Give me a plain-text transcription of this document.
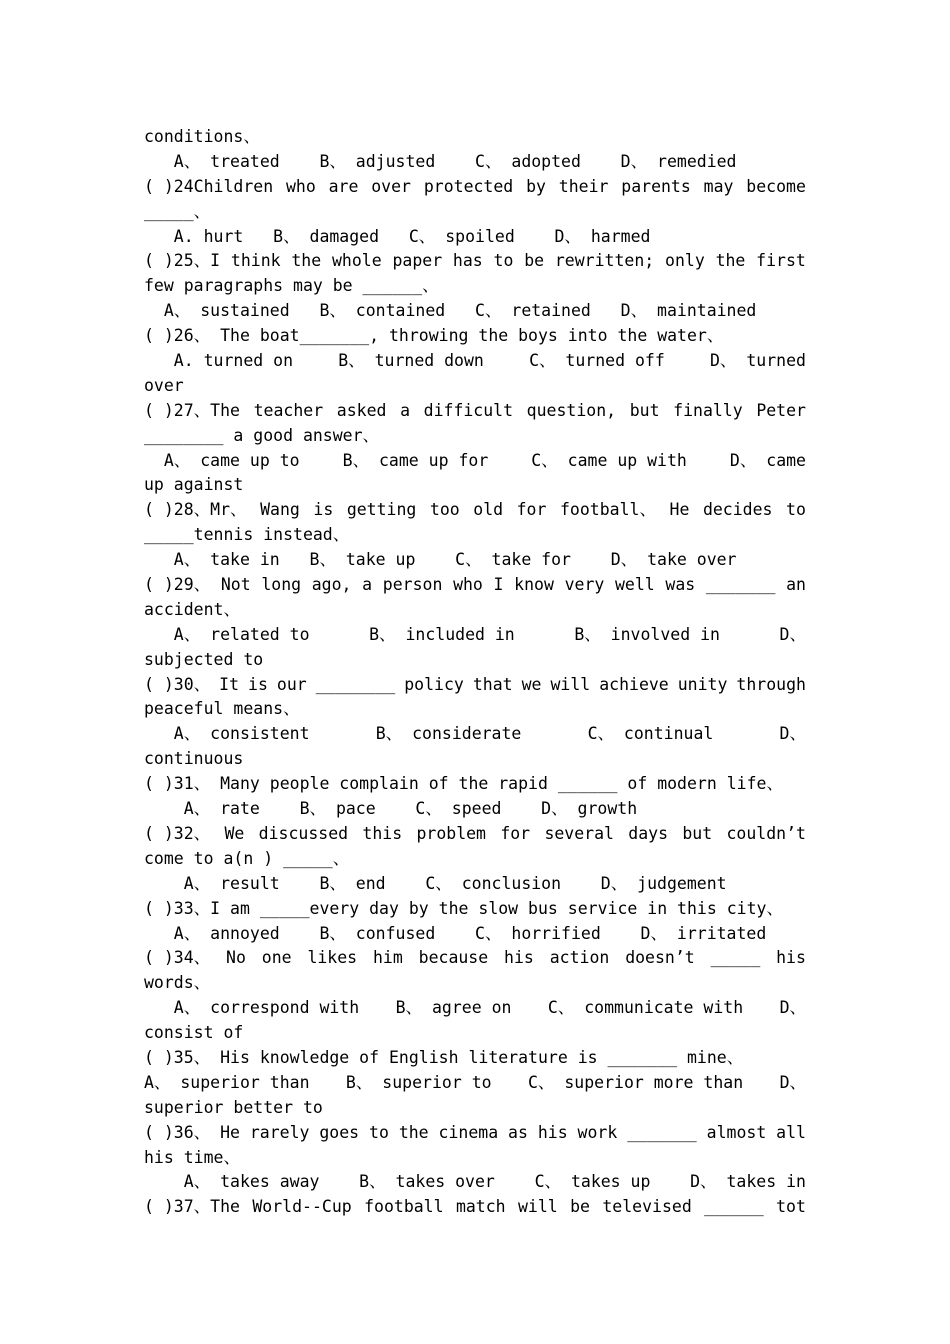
conditions、
A、 treated    B、 adjusted    C、 adopted    D、 remedied
( )24Children who are over protected by their parents may become
_____、
A. hurt   B、 damaged   C、 spoiled    D、 harmed
( )25、I think the whole paper has to be rewritten; only the first
few paragraphs may be ______、
A、 sustained   B、 contained   C、 retained   D、 maintained
( )26、 The boat_______, throwing the boys into the water、
A. turned on	B、 turned down	C、 turned off	D、 turned
over
( )27、The teacher asked a difficult question, but finally Peter
________ a good answer、
A、 came up to	B、 came up for	C、 came up with	D、 came
up against
( )28、Mr、 Wang is getting too old for football、 He decides to
_____tennis instead、
A、 take in   B、 take up    C、 take for    D、 take over
( )29、 Not long ago, a person who I know very well was _______ an
accident、
A、 related to	B、 included in	B、 involved in	D、
subjected to
( )30、 It is our ________ policy that we will achieve unity through
peaceful means、
A、 consistent	B、 considerate	C、 continual	D、
continuous
( )31、 Many people complain of the rapid ______ of modern life、
A、 rate    B、 pace    C、 speed    D、 growth
( )32、 We discussed this problem for several days but couldn’t
come to a(n ) _____、
A、 result    B、 end    C、 conclusion    D、 judgement
( )33、I am _____every day by the slow bus service in this city、
A、 annoyed    B、 confused    C、 horrified    D、 irritated
( )34、 No one likes him because his action doesn’t _____ his
words、
A、 correspond with B、 agree on C、 communicate with D、
consist of
( )35、 His knowledge of English literature is _______ mine、
A、 superior than B、 superior to C、 superior more than D、
superior better to
( )36、 He rarely goes to the cinema as his work _______ almost all
his time、
A、 takes away B、 takes over C、 takes up D、 takes in
( )37、The World--Cup football match will be televised ______ tot
